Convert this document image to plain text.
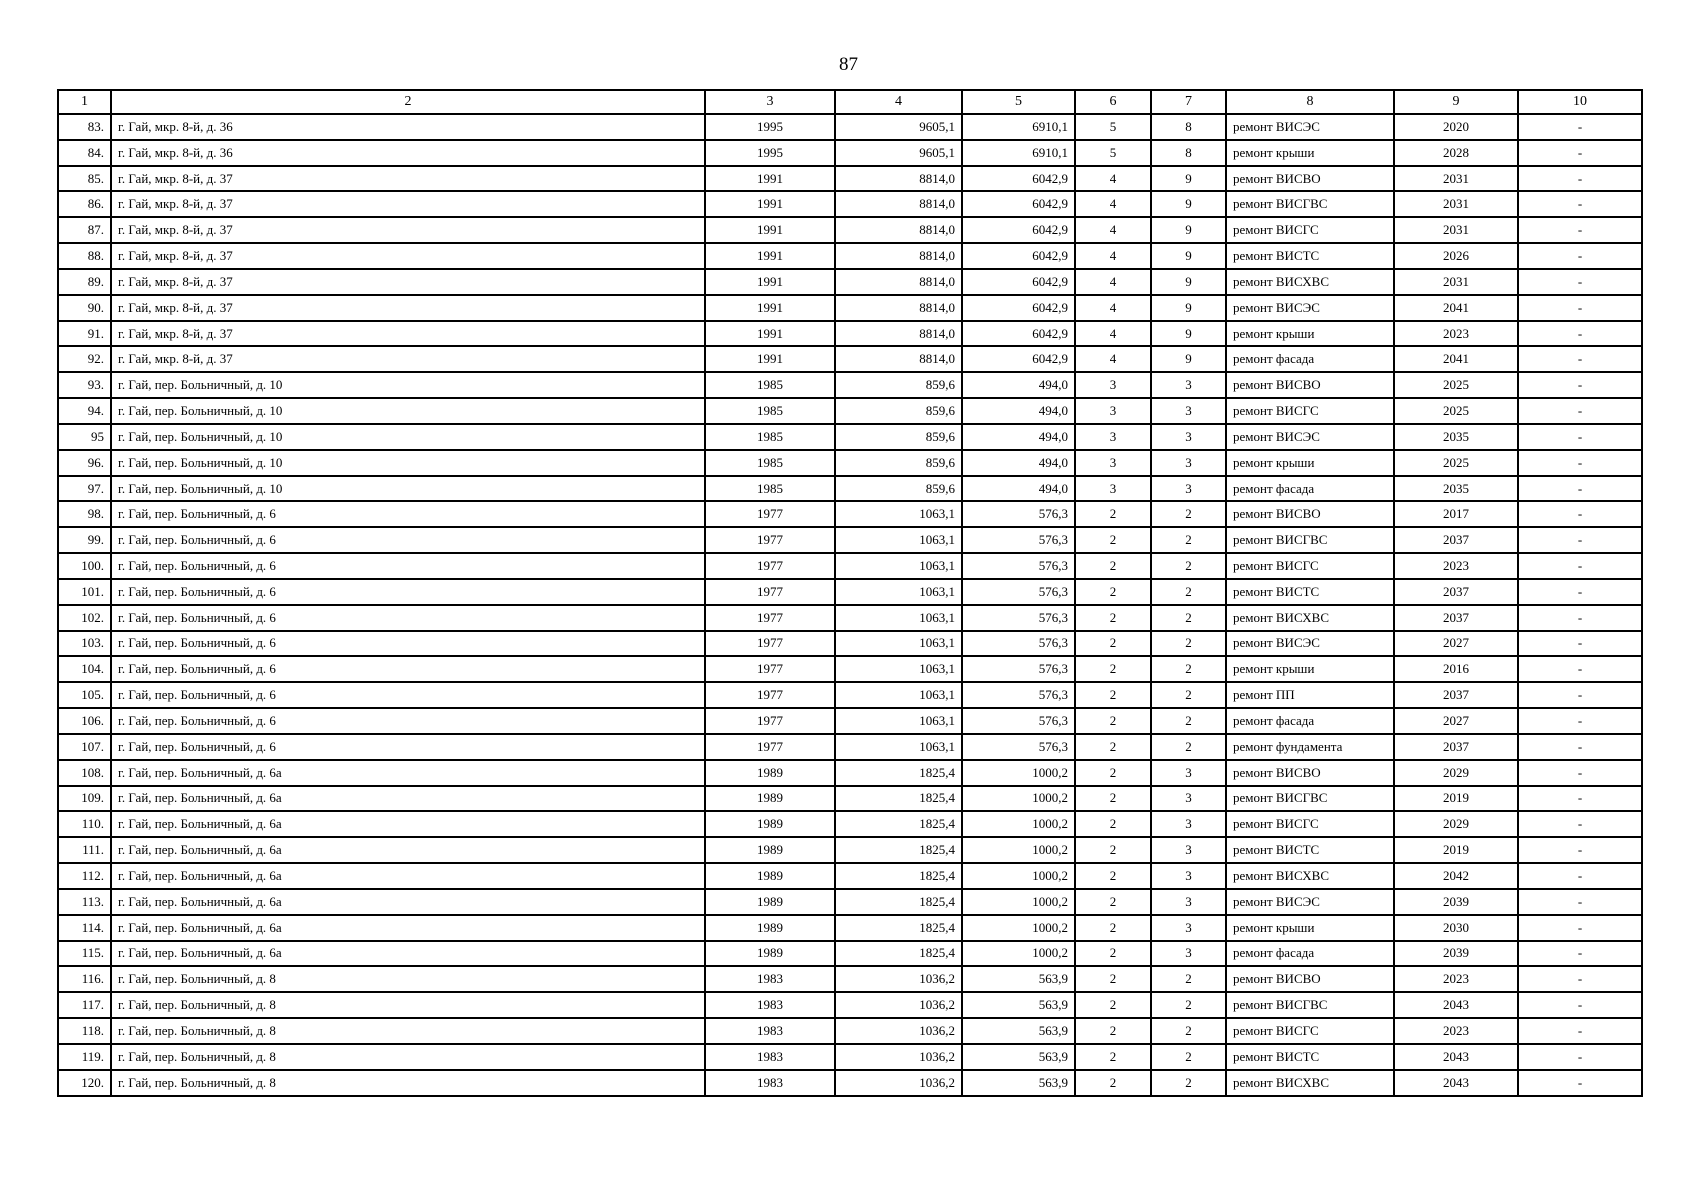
87
1	2	3	4	5	6	7	8	9	10
83.	г. Гай, мкр. 8-й, д. 36	1995	9605,1	6910,1	5	8	ремонт ВИСЭС	2020	-
84.	г. Гай, мкр. 8-й, д. 36	1995	9605,1	6910,1	5	8	ремонт крыши	2028	-
85.	г. Гай, мкр. 8-й, д. 37	1991	8814,0	6042,9	4	9	ремонт ВИСВО	2031	-
86.	г. Гай, мкр. 8-й, д. 37	1991	8814,0	6042,9	4	9	ремонт ВИСГВС	2031	-
87.	г. Гай, мкр. 8-й, д. 37	1991	8814,0	6042,9	4	9	ремонт ВИСГС	2031	-
88.	г. Гай, мкр. 8-й, д. 37	1991	8814,0	6042,9	4	9	ремонт ВИСТС	2026	-
89.	г. Гай, мкр. 8-й, д. 37	1991	8814,0	6042,9	4	9	ремонт ВИСХВС	2031	-
90.	г. Гай, мкр. 8-й, д. 37	1991	8814,0	6042,9	4	9	ремонт ВИСЭС	2041	-
91.	г. Гай, мкр. 8-й, д. 37	1991	8814,0	6042,9	4	9	ремонт крыши	2023	-
92.	г. Гай, мкр. 8-й, д. 37	1991	8814,0	6042,9	4	9	ремонт фасада	2041	-
93.	г. Гай, пер. Больничный, д. 10	1985	859,6	494,0	3	3	ремонт ВИСВО	2025	-
94.	г. Гай, пер. Больничный, д. 10	1985	859,6	494,0	3	3	ремонт ВИСГС	2025	-
95	г. Гай, пер. Больничный, д. 10	1985	859,6	494,0	3	3	ремонт ВИСЭС	2035	-
96.	г. Гай, пер. Больничный, д. 10	1985	859,6	494,0	3	3	ремонт крыши	2025	-
97.	г. Гай, пер. Больничный, д. 10	1985	859,6	494,0	3	3	ремонт фасада	2035	-
98.	г. Гай, пер. Больничный, д. 6	1977	1063,1	576,3	2	2	ремонт ВИСВО	2017	-
99.	г. Гай, пер. Больничный, д. 6	1977	1063,1	576,3	2	2	ремонт ВИСГВС	2037	-
100.	г. Гай, пер. Больничный, д. 6	1977	1063,1	576,3	2	2	ремонт ВИСГС	2023	-
101.	г. Гай, пер. Больничный, д. 6	1977	1063,1	576,3	2	2	ремонт ВИСТС	2037	-
102.	г. Гай, пер. Больничный, д. 6	1977	1063,1	576,3	2	2	ремонт ВИСХВС	2037	-
103.	г. Гай, пер. Больничный, д. 6	1977	1063,1	576,3	2	2	ремонт ВИСЭС	2027	-
104.	г. Гай, пер. Больничный, д. 6	1977	1063,1	576,3	2	2	ремонт крыши	2016	-
105.	г. Гай, пер. Больничный, д. 6	1977	1063,1	576,3	2	2	ремонт ПП	2037	-
106.	г. Гай, пер. Больничный, д. 6	1977	1063,1	576,3	2	2	ремонт фасада	2027	-
107.	г. Гай, пер. Больничный, д. 6	1977	1063,1	576,3	2	2	ремонт фундамента	2037	-
108.	г. Гай, пер. Больничный, д. 6а	1989	1825,4	1000,2	2	3	ремонт ВИСВО	2029	-
109.	г. Гай, пер. Больничный, д. 6а	1989	1825,4	1000,2	2	3	ремонт ВИСГВС	2019	-
110.	г. Гай, пер. Больничный, д. 6а	1989	1825,4	1000,2	2	3	ремонт ВИСГС	2029	-
111.	г. Гай, пер. Больничный, д. 6а	1989	1825,4	1000,2	2	3	ремонт ВИСТС	2019	-
112.	г. Гай, пер. Больничный, д. 6а	1989	1825,4	1000,2	2	3	ремонт ВИСХВС	2042	-
113.	г. Гай, пер. Больничный, д. 6а	1989	1825,4	1000,2	2	3	ремонт ВИСЭС	2039	-
114.	г. Гай, пер. Больничный, д. 6а	1989	1825,4	1000,2	2	3	ремонт крыши	2030	-
115.	г. Гай, пер. Больничный, д. 6а	1989	1825,4	1000,2	2	3	ремонт фасада	2039	-
116.	г. Гай, пер. Больничный, д. 8	1983	1036,2	563,9	2	2	ремонт ВИСВО	2023	-
117.	г. Гай, пер. Больничный, д. 8	1983	1036,2	563,9	2	2	ремонт ВИСГВС	2043	-
118.	г. Гай, пер. Больничный, д. 8	1983	1036,2	563,9	2	2	ремонт ВИСГС	2023	-
119.	г. Гай, пер. Больничный, д. 8	1983	1036,2	563,9	2	2	ремонт ВИСТС	2043	-
120.	г. Гай, пер. Больничный, д. 8	1983	1036,2	563,9	2	2	ремонт ВИСХВС	2043	-
